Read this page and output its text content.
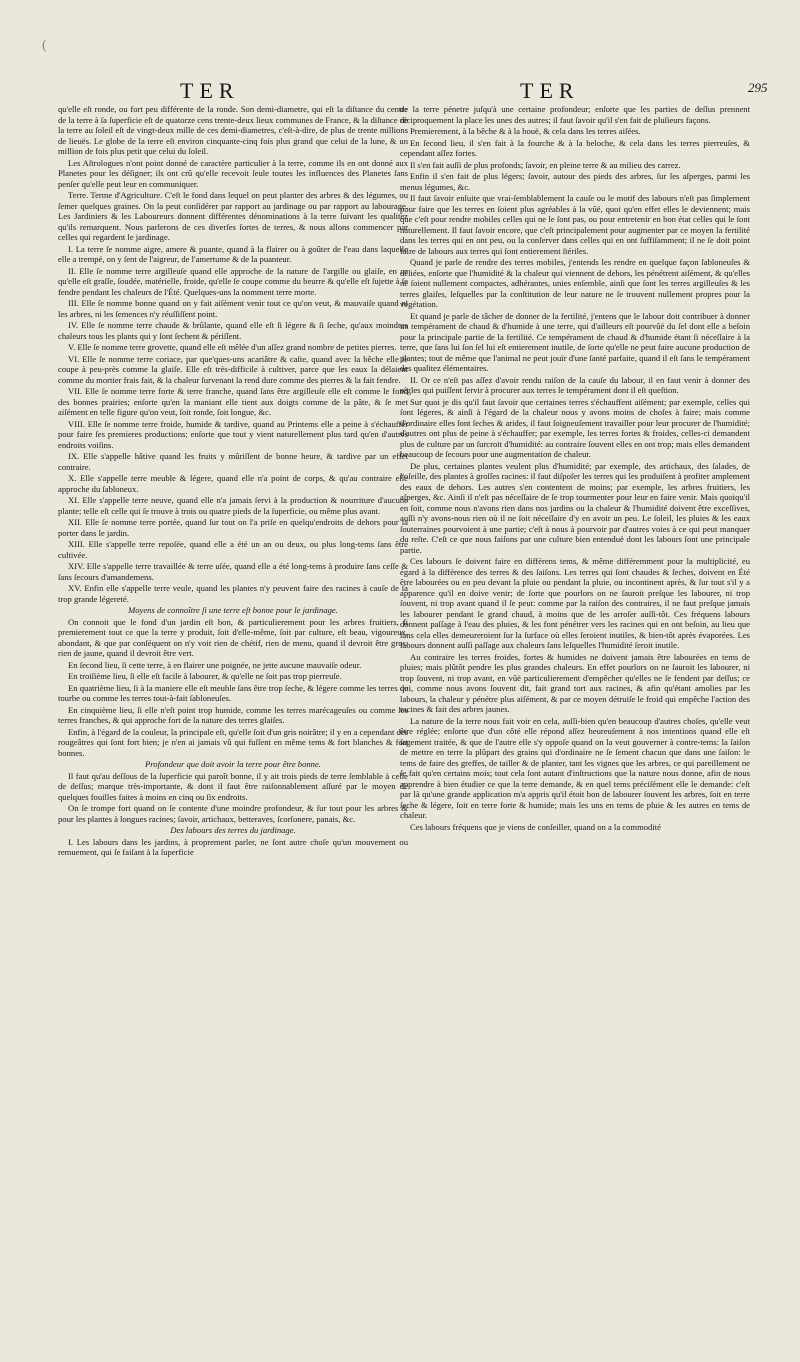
(
TER	TER	295

qu'elle eſt ronde, ou fort peu différente de la ronde. Son demi-diametre, qui eſt la diſtance du centre de la terre à ſa ſuperficie eſt de quatorze cens trente-deux lieux communes de France, & la diſtance de la terre au ſoleil eſt de vingt-deux mille de ces demi-diametres, c'eſt-à-dire, de plus de trente millions de lieuës. Le globe de la terre eſt environ cinquante-cinq fois plus grand que celui de la lune, & un million de fois plus petit que celui du ſoleil.

Les Aſtrologues n'ont point donné de caractère particulier à la terre, comme ils en ont donné aux Planetes pour les déſigner; ils ont crû qu'elle recevoit ſeule toutes les influences des Planetes ſans penſer qu'elle peut leur en communiquer.

Terre. Terme d'Agriculture. C'eſt le fond dans lequel on peut planter des arbres & des légumes, ou ſemer quelques graines. On la peut conſidérer par rapport au jardinage ou par rapport au labourage. Les Jardiniers & les Laboureurs donnent différentes dénominations à la terre ſuivant les qualitez qu'ils remarquent. Nous parlerons de ces diverſes ſortes de terres, & nous allons commencer par celles qui regardent le jardinage.

I. La terre ſe nomme aigre, amere & puante, quand à la flairer ou à goûter de l'eau dans laquelle elle a trempé, on y ſent de l'aigreur, de l'amertume & de la puanteur.

II. Elle ſe nomme terre argilleuſe quand elle approche de la nature de l'argille ou glaiſe, en ce qu'elle eſt graſſe, ſoudée, matérielle, froide, qu'elle ſe coupe comme du beurre & qu'elle eſt ſujette à ſe fendre pendant les chaleurs de l'Été. Quelques-uns la nomment terre morte.

III. Elle ſe nomme bonne quand on y fait aiſément venir tout ce qu'on veut, & mauvaiſe quand ni les arbres, ni les ſemences n'y réuſſiſſent point.

IV. Elle ſe nomme terre chaude & brûlante, quand elle eſt ſi légere & ſi ſeche, qu'aux moindres chaleurs tous les plants qui y ſont ſechent & périſſent.

V. Elle ſe nomme terre grovette, quand elle eſt mêlée d'un aſſez grand nombre de petites pierres.

VI. Elle ſe nomme terre coriace, par que'ques-uns acariâtre & caſte, quand avec la bêche elle ſe coupe à peu-près comme la glaiſe. Elle eſt très-difficile à cultiver, parce que les eaux la délaient comme du mortier frais fait, & la chaleur ſurvenant la rend dure comme des pierres & la fait fendre.

VII. Elle ſe nomme terre forte & terre franche, quand ſans être argilleuſe elle eſt comme le fond des bonnes prairies; enſorte qu'en la maniant elle tient aux doigts comme de la pâte, & ſe met aiſément en telle figure qu'on veut, ſoit ronde, ſoit longue, &c.

VIII. Elle ſe nomme terre froide, humide & tardive, quand au Printems elle a peine à s'échauffer pour faire ſes premieres productions; enſorte que tout y vient naturellement plus tard qu'en d'autres endroits voiſins.

IX. Elle s'appelle hâtive quand les fruits y mûriſſent de bonne heure, & tardive par un effet contraire.

X. Elle s'appelle terre meuble & légere, quand elle n'a point de corps, & qu'au contraire elle approche du ſabloneux.

XI. Elle s'appelle terre neuve, quand elle n'a jamais ſervi à la production & nourriture d'aucune plante; telle eſt celle qui ſe trouve à trois ou quatre pieds de la ſuperficie, ou même plus avant.

XII. Elle ſe nomme terre portée, quand ſur tout on l'a priſe en quelqu'endroits de dehors pour la porter dans le jardin.

XIII. Elle s'appelle terre repoſée, quand elle a été un an ou deux, ou plus long-tems ſans être cultivée.

XIV. Elle s'appelle terre travaillée & terre uſée, quand elle a été long-tems à produire ſans ceſſe & ſans ſecours d'amandemens.

XV. Enfin elle s'appelle terre veule, quand les plantes n'y peuvent faire des racines à cauſe de ſa trop grande légereté.

Moyens de connoître ſi une terre eſt bonne pour le jardinage.

On connoit que le fond d'un jardin eſt bon, & particulierement pour les arbres fruitiers, ſi premierement tout ce que la terre y produit, ſoit d'elle-même, ſoit par culture, eſt beau, vigoureux, abondant, & que par conſéquent on n'y voit rien de chétif, rien de menu, quand il devroit être gros, rien de jaune, quand il devroit être vert.

En ſecond lieu, ſi cette terre, à en flairer une poignée, ne jette aucune mauvaiſe odeur.

En troiſième lieu, ſi elle eſt facile à labourer, & qu'elle ne ſoit pas trop pierreuſe.

En quatrième lieu, ſi à la maniere elle eſt meuble ſans être trop ſeche, & légere comme les terres de tourbe ou comme les terres tout-à-fait ſabloneuſes.

En cinquième lieu, ſi elle n'eſt point trop humide, comme les terres marécageuſes ou comme les terres franches, & qui approche fort de la nature des terres glaiſes.

Enfin, à l'égard de la couleur, la principale eſt, qu'elle ſoit d'un gris noirâtre; il y en a cependant des rougeâtres qui ſont fort bien; je n'en ai jamais vû qui fuſſent en même tems & fort blanches & fort bonnes.

Profondeur que doit avoir la terre pour être bonne.

Il faut qu'au deſſous de la ſuperficie qui paroît bonne, il y ait trois pieds de terre ſemblable à celle de deſſus; marque très-importante, & dont il faut être raiſonnablement aſſuré par le moyen de quelques fouilles faites à moins en cinq ou ſix endroits.

On ſe trompe fort quand on ſe contente d'une moindre profondeur, & ſur tout pour les arbres & pour les plantes à longues racines; ſavoir, artichaux, betteraves, ſcorſonere, panais, &c.

Des labours des terres du jardinage.

I. Les labours dans les jardins, à proprement parler, ne ſont autre choſe qu'un mouvement ou remuement, qui ſe faiſant à la ſuperficie

de la terre pénetre juſqu'à une certaine profondeur; enſorte que les parties de deſſus prennent réciproquement la place les unes des autres; il faut ſavoir qu'il s'en fait de pluſieurs façons.

Premierement, à la bêche & à la houë, & cela dans les terres aiſées.

En ſecond lieu, il s'en fait à la fourche & à la beloche, & cela dans les terres pierreuſes, & cependant aſſez fortes.

Il s'en fait auſſi de plus profonds; ſavoir, en pleine terre & au milieu des carrez.

Enfin il s'en fait de plus légers; ſavoir, autour des pieds des arbres, ſur les aſperges, parmi les menus légumes, &c.

Il faut ſavoir enſuite que vrai-ſemblablement la cauſe ou le motif des labours n'eſt pas ſimplement pour faire que les terres en ſoient plus agréables à la vûë, quoi qu'en effet elles le deviennent; mais que c'eſt pour rendre mobiles celles qui ne le ſont pas, ou pour entretenir en bon état celles qui le ſont naturellement. Il faut ſavoir encore, que c'eſt principalement pour augmenter par ce moyen la fertilité dans les terres qui en ont peu, ou la conſerver dans celles qui en ont ſuffiſamment; il ne ſe doit point faire de labours aux terres qui ſont entierement ſtériles.

Quand je parle de rendre des terres mobiles, j'entends les rendre en quelque façon ſabloneuſes & déliées, enſorte que l'humidité & la chaleur qui viennent de dehors, les pénétrent aiſément, & qu'elles ne ſoient nullement compactes, adhérantes, unies enſemble, ainſi que ſont les terres argilleuſes & les terres glaiſes, leſquelles par la conſtitution de leur nature ne ſe trouvent nullement propres pour la végétation.

Et quand je parle de tâcher de donner de la fertilité, j'entens que le labour doit contribuer à donner un tempérament de chaud & d'humide à une terre, qui d'ailleurs eſt pourvûë du ſel dont elle a beſoin pour la principale partie de la fertilité. Ce tempérament de chaud & d'humide étant ſi néceſſaire à la terre, que ſans lui ſon ſel lui eſt entierement inutile, de ſorte qu'elle ne peut faire aucune production de plantes; tout de même que l'animal ne peut jouïr d'une ſanté parfaite, quand il eſt ſans le tempérament des qualitez élémentaires.

II. Or ce n'eſt pas aſſez d'avoir rendu raiſon de la cauſe du labour, il en faut venir à donner des régles qui puiſſent ſervir à procurer aux terres le tempérament dont il eſt queſtion.

Sur quoi je dis qu'il faut ſavoir que certaines terres s'échauffent aiſément; par exemple, celles qui ſont légeres, & ainſi à l'égard de la chaleur nous y avons moins de choſes à faire; mais comme d'ordinaire elles ſont ſeches & arides, il faut ſoigneuſement travailler pour leur procurer de l'humidité; d'autres ont plus de peine à s'échauffer; par exemple, les terres fortes & froides, celles-ci demandent plus de culture par un ſurcroit d'humidité: au contraire ſouvent elles en ont trop; mais elles demandent beaucoup de ſecours pour une augmentation de chaleur.

De plus, certaines plantes veulent plus d'humidité; par exemple, des artichaux, des ſalades, de l'oſeille, des plantes à groſſes racines: il faut diſpoſer les terres qui les produiſent à profiter amplement des eaux de dehors. Les autres s'en contentent de moins; par exemple, les arbres fruitiers, les aſperges, &c. Ainſi il n'eſt pas néceſſaire de ſe trop tourmenter pour leur en faire venir. Mais quoiqu'il en ſoit, comme nous n'avons rien dans nos jardins ou la chaleur & l'humidité doivent être exceſſives, auſſi n'y avons-nous rien où il ne ſoit néceſſaire d'y en avoir un peu. Le ſoleil, les pluies & les eaux ſouterraines pourvoient à une partie; c'eſt à nous à pourvoir par d'autres voies à ce qui peut manquer du reſte. C'eſt ce que nous faiſons par une culture bien entenduë dont les labours ſont une principale partie.

Ces labours ſe doivent faire en différens tems, & même différemment pour la multiplicité, eu égard à la différence des terres & des ſaiſons. Les terres qui ſont chaudes & ſeches, doivent en Été être labourées ou en peu devant la pluie ou pendant la pluie, ou incontinent après, & ſur tout s'il y a apparence qu'il en doive venir; de ſorte que pourlors on ne ſauroit preſque les labourer, ni trop ſouvent, ni trop avant quand il ſe peut: comme par la raiſon des contraires, il ne faut preſque jamais les labourer pendant le grand chaud, à moins que de les arroſer auſſi-tôt. Ces fréquens labours donnent paſſage à l'eau des pluies, & les font pénétrer vers les racines qui en ont beſoin, au lieu que ſans cela elles demeureroient ſur la ſurface où elles ſeroient inutiles, & bien-tôt après évaporées. Les labours donnent auſſi paſſage aux chaleurs ſans leſquelles l'humidité ſeroit inutile.

Au contraire les terres froides, fortes & humides ne doivent jamais être labourées en tems de pluies; mais plûtôt pendre les plus grandes chaleurs. En effet pourlors on ne ſauroit les labourer, ni trop ſouvent, ni trop avant, en vûë particulierement d'empêcher qu'elles ne ſe fendent par deſſus; ce qui, comme nous avons ſouvent dit, fait grand tort aux racines, & afin qu'étant amolies par les labours, la chaleur y pénétre plus aiſément, & par ce moyen détruiſe le froid qui empêche l'action des racines & fait des arbres jaunes.

La nature de la terre nous fait voir en cela, auſſi-bien qu'en beaucoup d'autres choſes, qu'elle veut être réglée; enſorte que d'un côté elle répond aſſez heureuſement à nos intentions quand elle eſt ſagement traitée, & que de l'autre elle s'y oppoſe quand on la veut gouverner à contre-tems: la ſaiſon de mettre en terre la plûpart des grains qui d'ordinaire ne ſe ſement chacun que dans une ſaiſon: le tems de faire des greffes, de tailler & de planter, tant les vignes que les arbres, ce qui pareillement ne ſe fait qu'en certains mois; tout cela ſont autant d'inſtructions que la nature nous donne, afin de nous apprendre à bien étudier ce que la terre demande, & en quel tems préciſément elle le demande: c'eſt par là qu'une grande application m'a appris qu'il étoit bon de labourer ſouvent les arbres, ſoit en terre ſeche & légere, ſoit en terre forte & humide; mais les uns en tems de pluie & les autres en tems de chaleur.

Ces labours fréquens que je viens de conſeiller, quand on a la commodité
